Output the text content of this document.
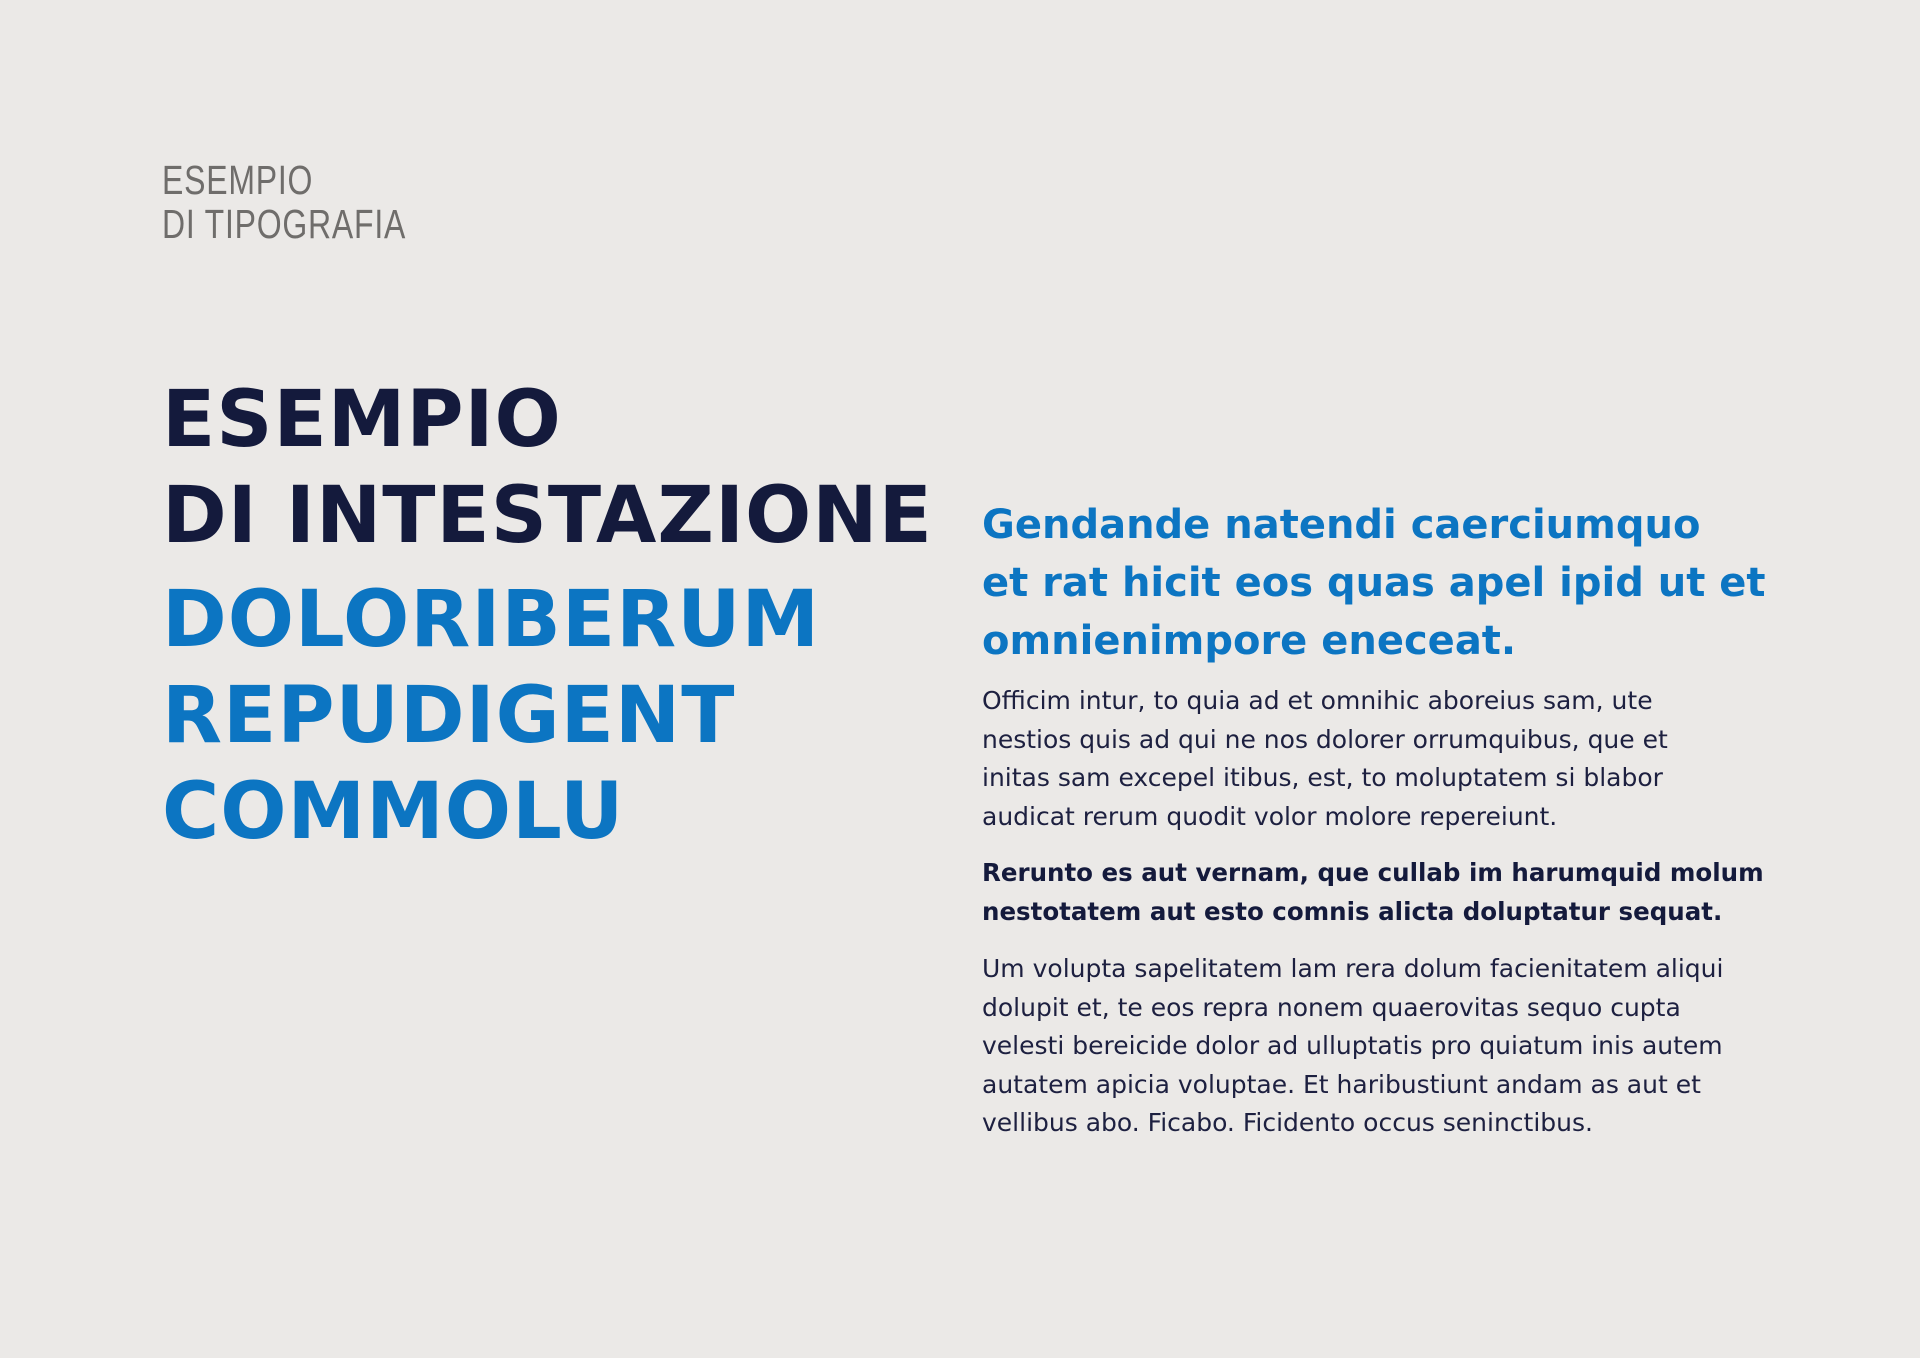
ESEMPIO
DI TIPOGRAFIA
ESEMPIO
DI INTESTAZIONE
DOLORIBERUM
REPUDIGENT
COMMOLU
Gendande natendi caerciumquo
et rat hicit eos quas apel ipid ut et
omnienimpore eneceat.

Officim intur, to quia ad et omnihic aboreius sam, ute
nestios quis ad qui ne nos dolorer orrumquibus, que et
initas sam excepel itibus, est, to moluptatem si blabor
audicat rerum quodit volor molore repereiunt.

Rerunto es aut vernam, que cullab im harumquid molum
nestotatem aut esto comnis alicta doluptatur sequat.

Um volupta sapelitatem lam rera dolum facienitatem aliqui
dolupit et, te eos repra nonem quaerovitas sequo cupta
velesti bereicide dolor ad ulluptatis pro quiatum inis autem
autatem apicia voluptae. Et haribustiunt andam as aut et
vellibus abo. Ficabo. Ficidento occus seninctibus.
